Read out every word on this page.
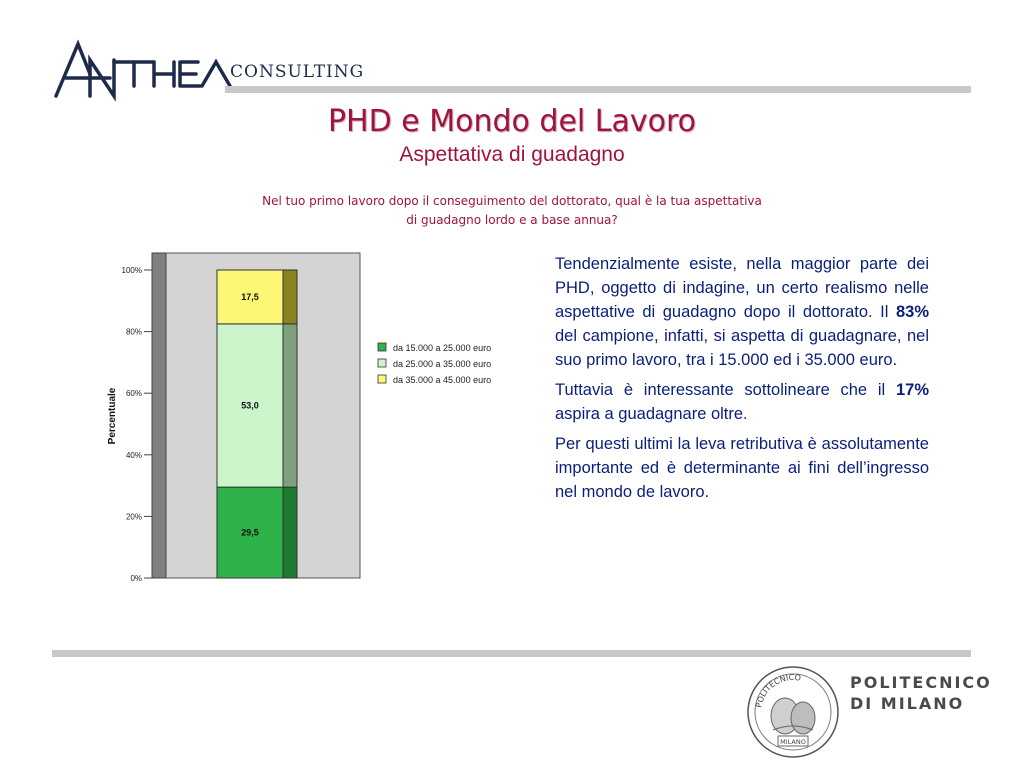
CONSULTING
PHD e Mondo del Lavoro
Aspettativa di guadagno
Nel tuo primo lavoro dopo il conseguimento del dottorato, qual è la tua aspettativa
di guadagno lordo e a base annua?
0%
20%
40%
60%
80%
100%
Percentuale
29,5
53,0
17,5
da 15.000 a 25.000 euro
da 25.000 a 35.000 euro
da 35.000 a 45.000 euro

Tendenzialmente esiste, nella maggior parte dei PHD, oggetto di indagine, un certo realismo nelle aspettative di guadagno dopo il dottorato. Il 83% del campione, infatti, si aspetta di guadagnare, nel suo primo lavoro, tra i 15.000 ed i 35.000 euro.

Tuttavia è interessante sottolineare che il 17% aspira a guadagnare oltre.

Per questi ultimi la leva retributiva è assolutamente importante ed è determinante ai fini dell’ingresso nel mondo de lavoro.

POLITECNICO
MILANO
POLITECNICO
DI MILANO
